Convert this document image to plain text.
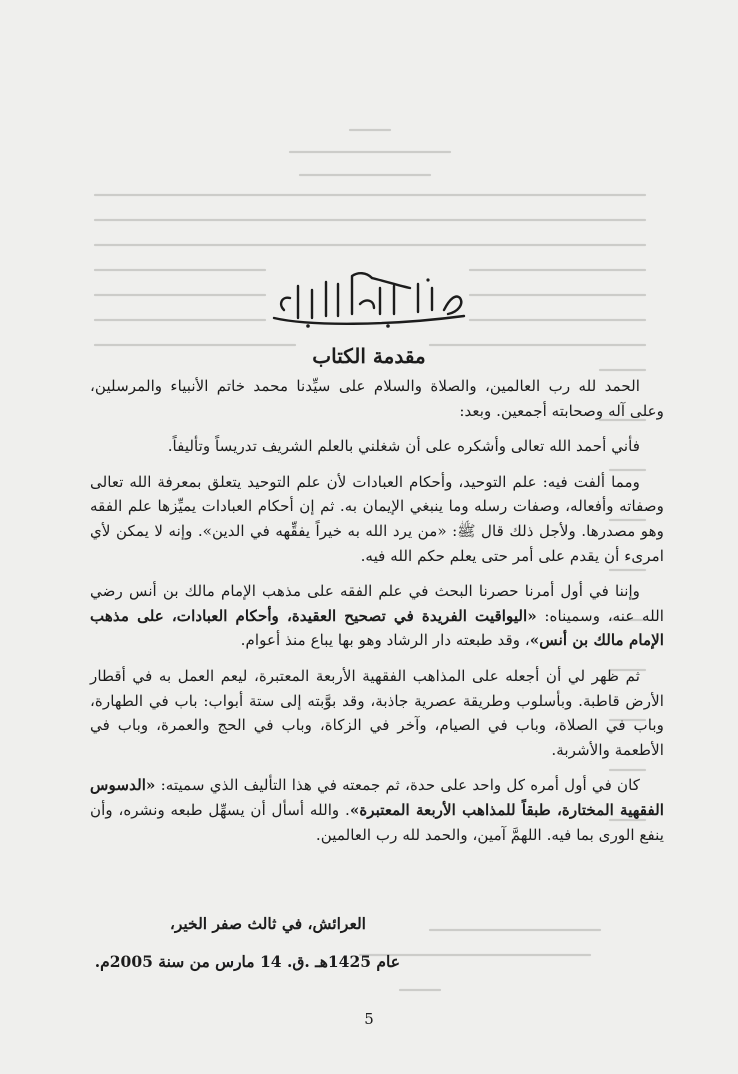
مقدمة الكتاب

الحمد لله رب العالمين، والصلاة والسلام على سيِّدنا محمد خاتم الأنبياء والمرسلين، وعلى آله وصحابته أجمعين. وبعد:

فأني أحمد الله تعالى وأشكره على أن شغلني بالعلم الشريف تدريساً وتأليفاً.

ومما ألفت فيه: علم التوحيد، وأحكام العبادات لأن علم التوحيد يتعلق بمعرفة الله تعالى وصفاته وأفعاله، وصفات رسله وما ينبغي الإيمان به. ثم إن أحكام العبادات يميِّزها علم الفقه وهو مصدرها. ولأجل ذلك قال ﷺ: «من يرد الله به خيراً يفقِّهه في الدين». وإنه لا يمكن لأي امرىء أن يقدم على أمر حتى يعلم حكم الله فيه.

وإننا في أول أمرنا حصرنا البحث في علم الفقه على مذهب الإمام مالك بن أنس رضي الله عنه، وسميناه: «اليواقيت الفريدة في تصحيح العقيدة، وأحكام العبادات، على مذهب الإمام مالك بن أنس»، وقد طبعته دار الرشاد وهو بها يباع منذ أعوام.

ثم ظهر لي أن أجعله على المذاهب الفقهية الأربعة المعتبرة، ليعم العمل به في أقطار الأرض قاطبة. وبأسلوب وطريقة عصرية جاذبة، وقد بوَّبته إلى ستة أبواب: باب في الطهارة، وباب في الصلاة، وباب في الصيام، وآخر في الزكاة، وباب في الحج والعمرة، وباب في الأطعمة والأشربة.

كان في أول أمره كل واحد على حدة، ثم جمعته في هذا التأليف الذي سميته: «الدسوس الفقهية المختارة، طبقاً للمذاهب الأربعة المعتبرة». والله أسأل أن يسهِّل طبعه ونشره، وأن ينفع الورى بما فيه. اللهمَّ آمين، والحمد لله رب العالمين.

العرائش، في ثالث صفر الخير،
عام 1425هـ .ق. 14 مارس من سنة 2005م.
5
